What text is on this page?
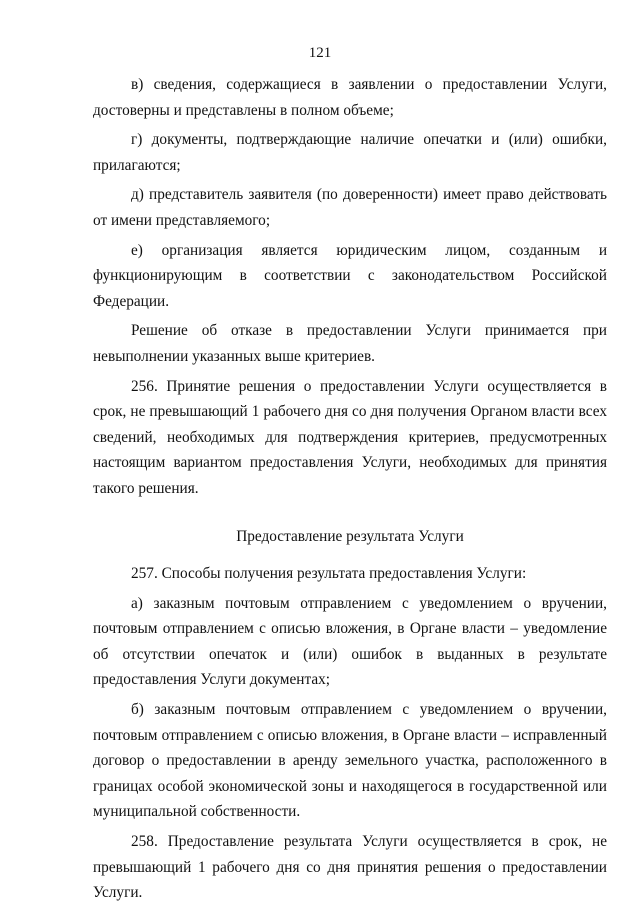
121

в) сведения, содержащиеся в заявлении о предоставлении Услуги, достоверны и представлены в полном объеме;

г) документы, подтверждающие наличие опечатки и (или) ошибки, прилагаются;

д) представитель заявителя (по доверенности) имеет право действовать от имени представляемого;

е) организация является юридическим лицом, созданным и функционирующим в соответствии с законодательством Российской Федерации.

Решение об отказе в предоставлении Услуги принимается при невыполнении указанных выше критериев.

256. Принятие решения о предоставлении Услуги осуществляется в срок, не превышающий 1 рабочего дня со дня получения Органом власти всех сведений, необходимых для подтверждения критериев, предусмотренных настоящим вариантом предоставления Услуги, необходимых для принятия такого решения.

Предоставление результата Услуги

257. Способы получения результата предоставления Услуги:

а) заказным почтовым отправлением с уведомлением о вручении, почтовым отправлением с описью вложения, в Органе власти – уведомление об отсутствии опечаток и (или) ошибок в выданных в результате предоставления Услуги документах;

б) заказным почтовым отправлением с уведомлением о вручении, почтовым отправлением с описью вложения, в Органе власти – исправленный договор о предоставлении в аренду земельного участка, расположенного в границах особой экономической зоны и находящегося в государственной или муниципальной собственности.

258. Предоставление результата Услуги осуществляется в срок, не превышающий 1 рабочего дня со дня принятия решения о предоставлении Услуги.
